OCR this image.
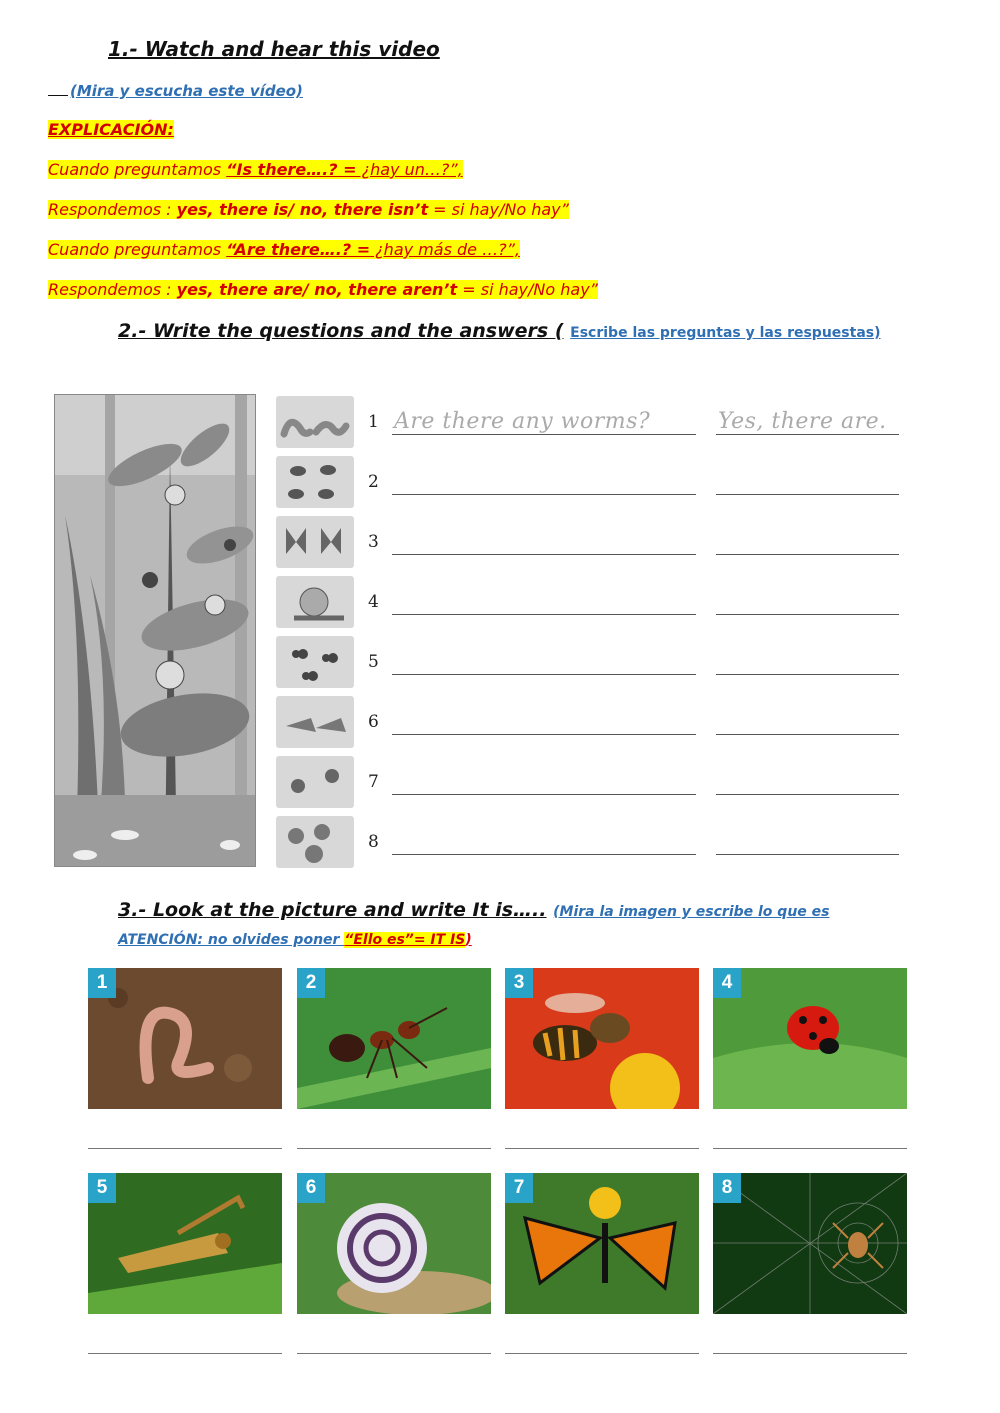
1.- Watch and hear this video
(Mira y escucha este vídeo)
EXPLICACIÓN:
Cuando preguntamos “Is there….? = ¿hay un…?”,
Respondemos : yes, there is/ no, there isn’t = si hay/No hay”
Cuando preguntamos “Are there….? = ¿hay más de …?”,
Respondemos : yes, there are/ no, there aren’t = si hay/No hay”
2.- Write the questions and the answers ( Escribe las preguntas y las respuestas)
1 Are there any worms?	Yes, there are.
2
3
4
5
6
7
8
3.- Look at the picture and write It is….. (Mira la imagen y escribe lo que es ATENCIÓN: no olvides poner “Ello es”= IT IS)
1	2	3	4
5	6	7	8
